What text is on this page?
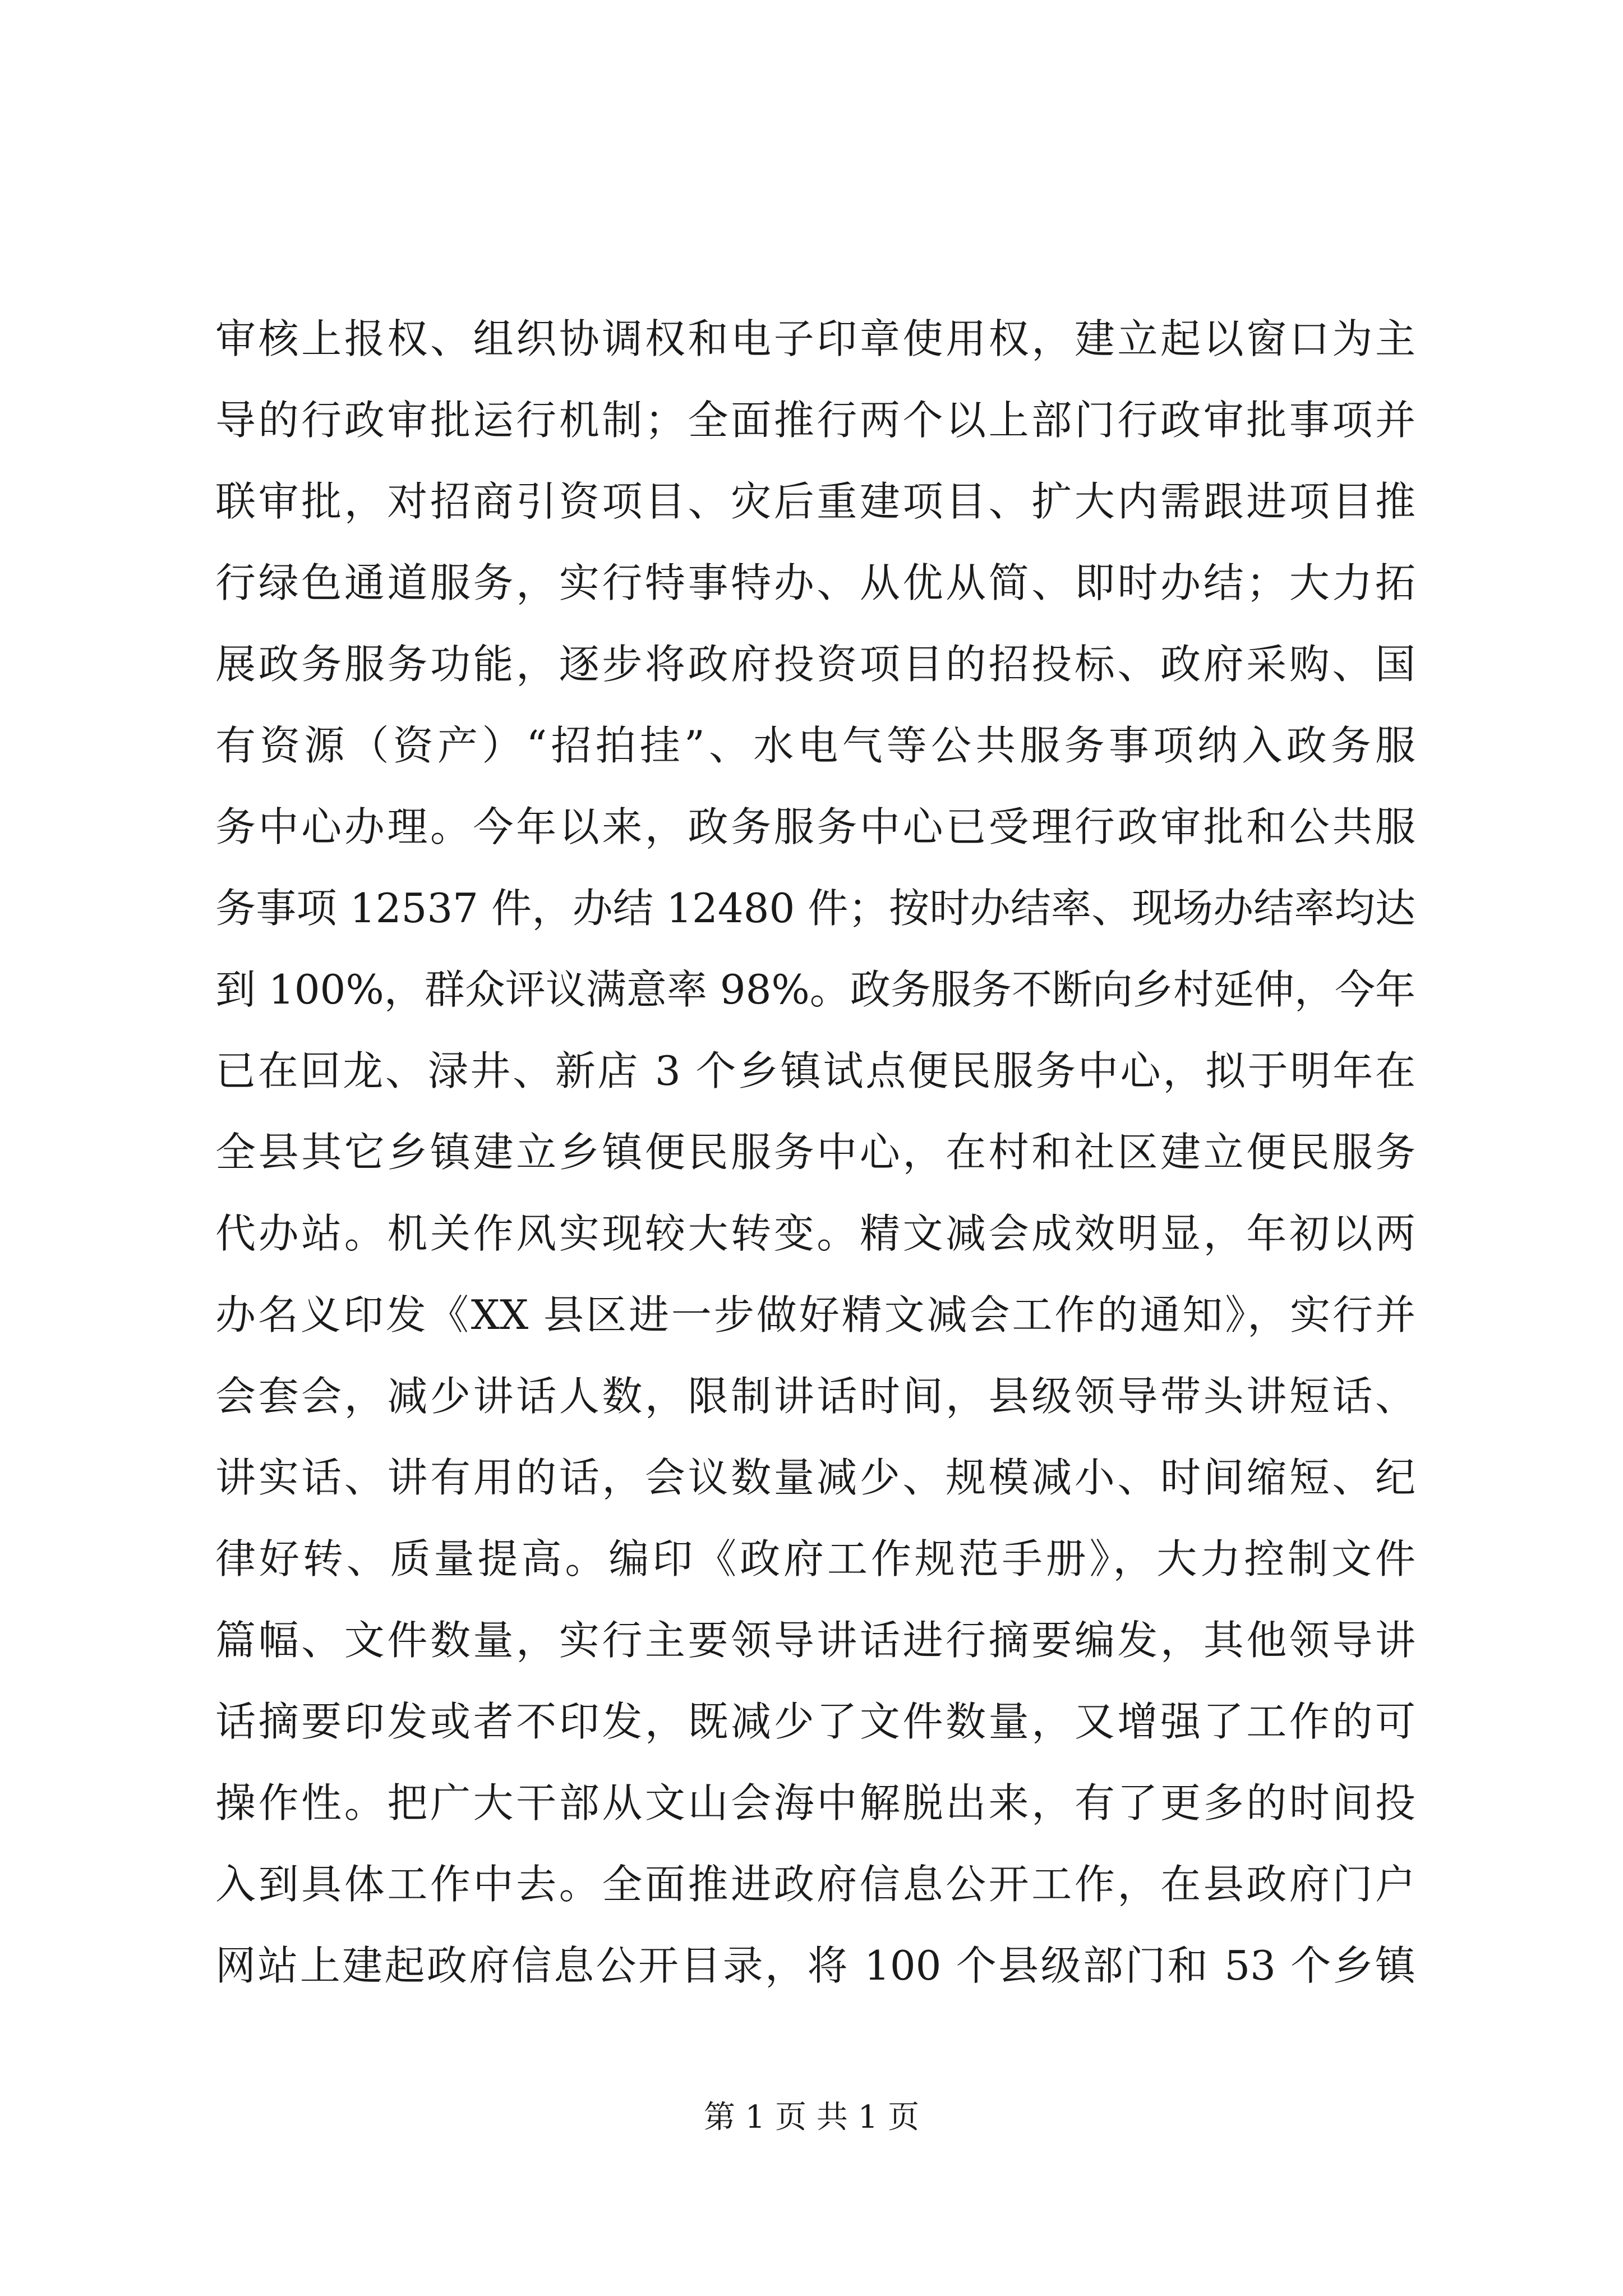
审核上报权、组织协调权和电子印章使用权，建立起以窗口为主
导的行政审批运行机制；全面推行两个以上部门行政审批事项并
联审批，对招商引资项目、灾后重建项目、扩大内需跟进项目推
行绿色通道服务，实行特事特办、从优从简、即时办结；大力拓
展政务服务功能，逐步将政府投资项目的招投标、政府采购、国
有资源（资产）“招拍挂”、水电气等公共服务事项纳入政务服
务中心办理。今年以来，政务服务中心已受理行政审批和公共服
务事项 12537 件，办结 12480 件；按时办结率、现场办结率均达
到 100%，群众评议满意率 98%。政务服务不断向乡村延伸，今年
已在回龙、渌井、新店 3 个乡镇试点便民服务中心，拟于明年在
全县其它乡镇建立乡镇便民服务中心，在村和社区建立便民服务
代办站。机关作风实现较大转变。精文减会成效明显，年初以两
办名义印发《XX 县区进一步做好精文减会工作的通知》，实行并
会套会，减少讲话人数，限制讲话时间，县级领导带头讲短话、
讲实话、讲有用的话，会议数量减少、规模减小、时间缩短、纪
律好转、质量提高。编印《政府工作规范手册》，大力控制文件
篇幅、文件数量，实行主要领导讲话进行摘要编发，其他领导讲
话摘要印发或者不印发，既减少了文件数量，又增强了工作的可
操作性。把广大干部从文山会海中解脱出来，有了更多的时间投
入到具体工作中去。全面推进政府信息公开工作，在县政府门户
网站上建起政府信息公开目录，将 100 个县级部门和 53 个乡镇
第 1 页 共 1 页
